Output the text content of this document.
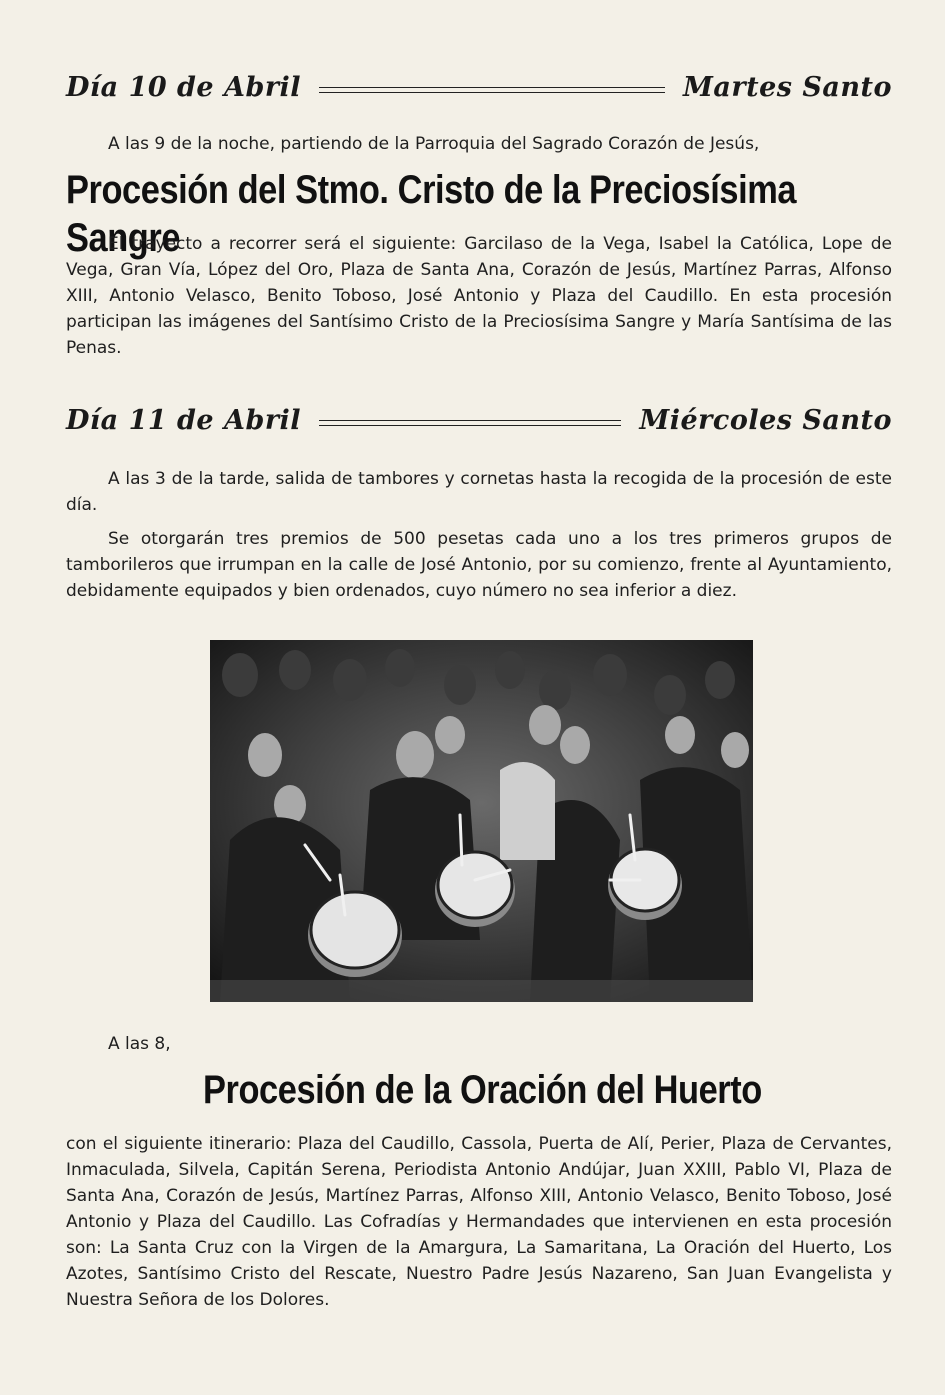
Día 10 de Abril	Martes Santo

A las 9 de la noche, partiendo de la Parroquia del Sagrado Corazón de Jesús,

Procesión del Stmo. Cristo de la Preciosísima Sangre

El trayecto a recorrer será el siguiente: Garcilaso de la Vega, Isabel la Católica, Lope de Vega, Gran Vía, López del Oro, Plaza de Santa Ana, Corazón de Jesús, Martínez Parras, Alfonso XIII, Antonio Velasco, Benito Toboso, José Antonio y Plaza del Caudillo. En esta procesión participan las imágenes del Santísimo Cristo de la Preciosísima Sangre y María Santísima de las Penas.

Día 11 de Abril	Miércoles Santo

A las 3 de la tarde, salida de tambores y cornetas hasta la recogida de la procesión de este día.

Se otorgarán tres premios de 500 pesetas cada uno a los tres primeros grupos de tamborileros que irrumpan en la calle de José Antonio, por su comienzo, frente al Ayuntamiento, debidamente equipados y bien ordenados, cuyo número no sea inferior a diez.

A las 8,

Procesión de la Oración del Huerto

con el siguiente itinerario: Plaza del Caudillo, Cassola, Puerta de Alí, Perier, Plaza de Cervantes, Inmaculada, Silvela, Capitán Serena, Periodista Antonio Andújar, Juan XXIII, Pablo VI, Plaza de Santa Ana, Corazón de Jesús, Martínez Parras, Alfonso XIII, Antonio Velasco, Benito Toboso, José Antonio y Plaza del Caudillo. Las Cofradías y Hermandades que intervienen en esta procesión son: La Santa Cruz con la Virgen de la Amargura, La Samaritana, La Oración del Huerto, Los Azotes, Santísimo Cristo del Rescate, Nuestro Padre Jesús Nazareno, San Juan Evangelista y Nuestra Señora de los Dolores.
